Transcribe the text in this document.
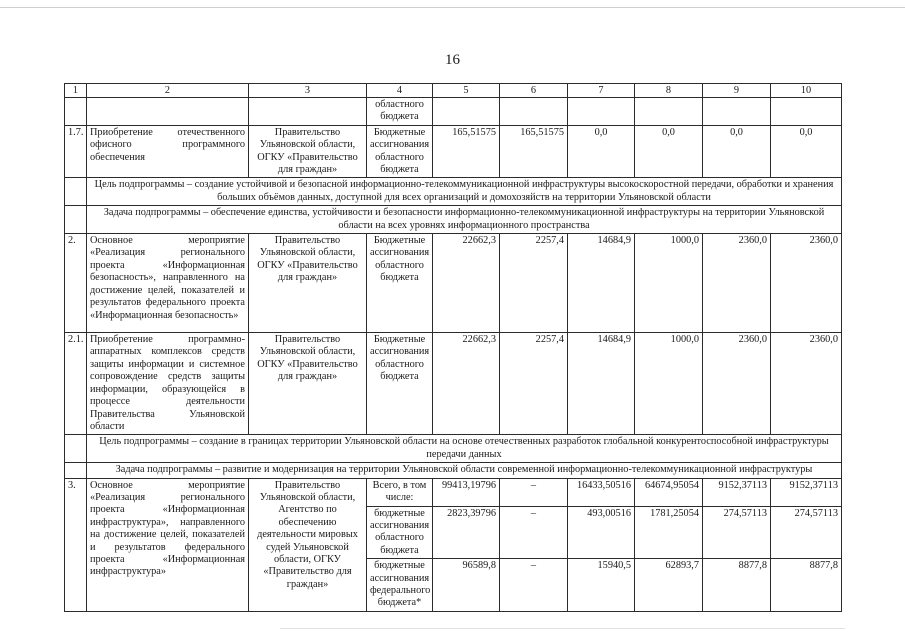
16
1	2	3	4	5	6	7	8	9	10
			областного бюджета						
1.7.	Приобретение отечественного офисного программного обеспечения	Правительство Ульяновской области, ОГКУ «Правительство для граждан»	Бюджетные ассигнования областного бюджета	165,51575	165,51575	0,0	0,0	0,0	0,0
	Цель подпрограммы – создание устойчивой и безопасной информационно-телекоммуникационной инфраструктуры высокоскоростной передачи, обработки и хранения больших объёмов данных, доступной для всех организаций и домохозяйств на территории Ульяновской области								
	Задача подпрограммы – обеспечение единства, устойчивости и безопасности информационно-телекоммуникационной инфраструктуры на территории Ульяновской области на всех уровнях информационного пространства								
2.	Основное мероприятие «Реализация регионального проекта «Информационная безопасность», направленного на достижение целей, показателей и результатов федерального проекта «Информационная безопасность»	Правительство Ульяновской области, ОГКУ «Правительство для граждан»	Бюджетные ассигнования областного бюджета	22662,3	2257,4	14684,9	1000,0	2360,0	2360,0
2.1.	Приобретение программно-аппаратных комплексов средств защиты информации и системное сопровождение средств защиты информации, образующейся в процессе деятельности Правительства Ульяновской области	Правительство Ульяновской области, ОГКУ «Правительство для граждан»	Бюджетные ассигнования областного бюджета	22662,3	2257,4	14684,9	1000,0	2360,0	2360,0
	Цель подпрограммы – создание в границах территории Ульяновской области на основе отечественных разработок глобальной конкурентоспособной инфраструктуры передачи данных								
	Задача подпрограммы – развитие и модернизация на территории Ульяновской области современной информационно-телекоммуникационной инфраструктуры								
3.	Основное мероприятие «Реализация регионального проекта «Информационная инфраструктура», направленного на достижение целей, показателей и результатов федерального проекта «Информационная инфраструктура»	Правительство Ульяновской области, Агентство по обеспечению деятельности мировых судей Ульяновской области, ОГКУ «Правительство для граждан»	Всего, в том числе:	99413,19796	–	16433,50516	64674,95054	9152,37113	9152,37113
			бюджетные ассигнования областного бюджета	2823,39796	–	493,00516	1781,25054	274,57113	274,57113
			бюджетные ассигнования федерального бюджета*	96589,8	–	15940,5	62893,7	8877,8	8877,8
